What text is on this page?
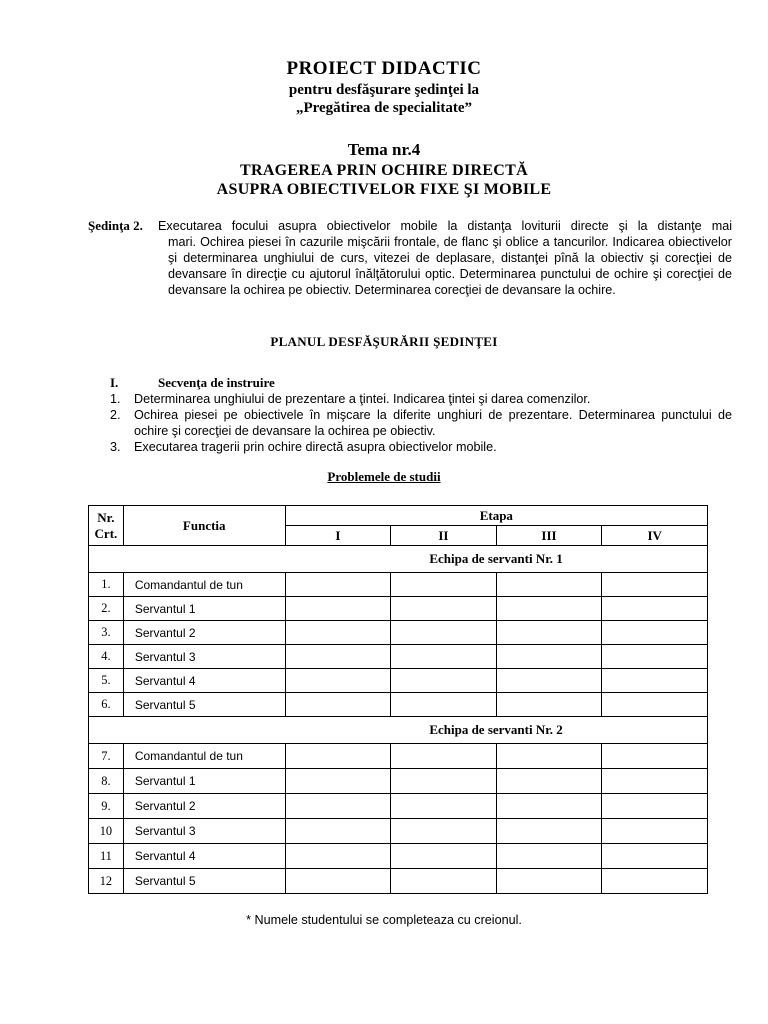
PROIECT DIDACTIC
pentru desfăşurare şedinţei la
„Pregătirea de specialitate”
Tema nr.4
TRAGEREA PRIN OCHIRE DIRECTĂ
ASUPRA OBIECTIVELOR FIXE ŞI MOBILE
Şedinţa 2. Executarea focului asupra obiectivelor mobile la distanţa loviturii directe şi la distanţe mai
mari. Ochirea piesei în cazurile mişcării frontale, de flanc şi oblice a tancurilor. Indicarea obiectivelor şi determinarea unghiului de curs, vitezei de deplasare, distanţei pînă la obiectiv şi corecţiei de devansare în direcţie cu ajutorul înălţătorului optic. Determinarea punctului de ochire şi corecţiei de devansare la ochirea pe obiectiv. Determinarea corecţiei de devansare la ochire.
PLANUL DESFĂŞURĂRII ŞEDINŢEI
I.	Secvenţa de instruire
1. Determinarea unghiului de prezentare a ţintei. Indicarea ţintei şi darea comenzilor.
2. Ochirea piesei pe obiectivele în mişcare la diferite unghiuri de prezentare. Determinarea punctului de ochire şi corecţiei de devansare la ochirea pe obiectiv.
3. Executarea tragerii prin ochire directă asupra obiectivelor mobile.
Problemele de studii
Nr.
Crt.	Functia	Etapa			
		I	II	III	IV
		Echipa de servanti Nr. 1			
1.	Comandantul de tun				
2.	Servantul 1				
3.	Servantul 2				
4.	Servantul 3				
5.	Servantul 4				
6.	Servantul 5				
		Echipa de servanti Nr. 2			
7.	Comandantul de tun				
8.	Servantul 1				
9.	Servantul 2				
10	Servantul 3				
11	Servantul 4				
12	Servantul 5				
* Numele studentului se completeaza cu creionul.
